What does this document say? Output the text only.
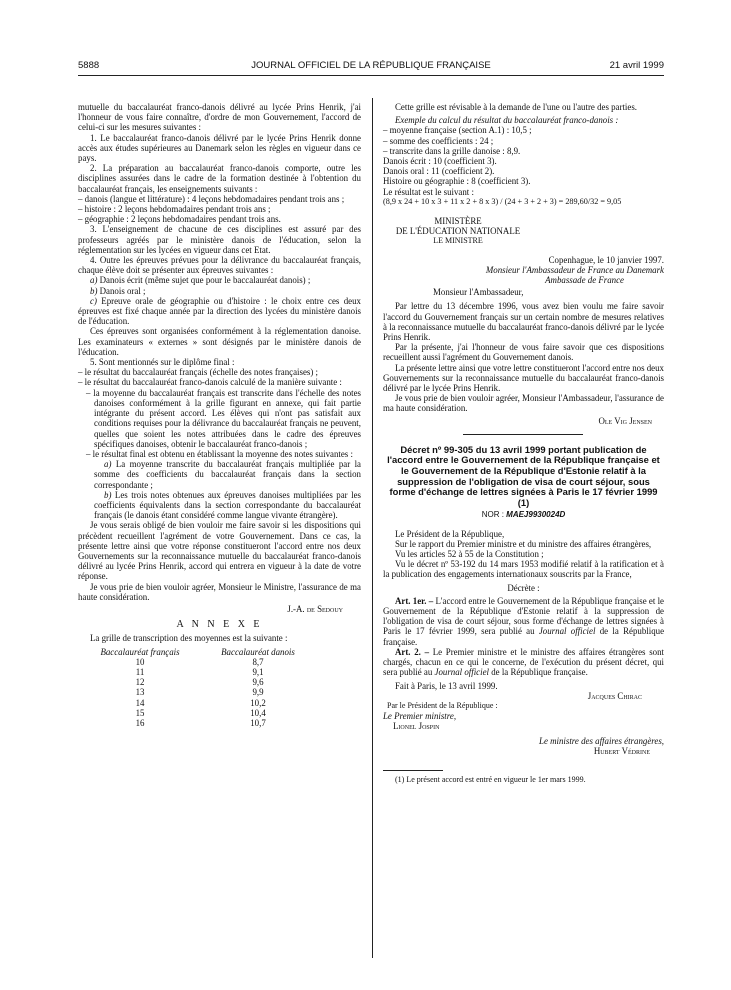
5888	JOURNAL OFFICIEL DE LA RÉPUBLIQUE FRANÇAISE	21 avril 1999

mutuelle du baccalauréat franco-danois délivré au lycée Prins Henrik, j'ai l'honneur de vous faire connaître, d'ordre de mon Gouvernement, l'accord de celui-ci sur les mesures suivantes :

1. Le baccalauréat franco-danois délivré par le lycée Prins Henrik donne accès aux études supérieures au Danemark selon les règles en vigueur dans ce pays.

2. La préparation au baccalauréat franco-danois comporte, outre les disciplines assurées dans le cadre de la formation destinée à l'obtention du baccalauréat français, les enseignements suivants :

– danois (langue et littérature) : 4 leçons hebdomadaires pendant trois ans ;

– histoire : 2 leçons hebdomadaires pendant trois ans ;

– géographie : 2 leçons hebdomadaires pendant trois ans.

3. L'enseignement de chacune de ces disciplines est assuré par des professeurs agréés par le ministère danois de l'éducation, selon la réglementation sur les lycées en vigueur dans cet Etat.

4. Outre les épreuves prévues pour la délivrance du baccalauréat français, chaque élève doit se présenter aux épreuves suivantes :

a) Danois écrit (même sujet que pour le baccalauréat danois) ;

b) Danois oral ;

c) Epreuve orale de géographie ou d'histoire : le choix entre ces deux épreuves est fixé chaque année par la direction des lycées du ministère danois de l'éducation.

Ces épreuves sont organisées conformément à la réglementation danoise. Les examinateurs « externes » sont désignés par le ministère danois de l'éducation.

5. Sont mentionnés sur le diplôme final :

– le résultat du baccalauréat français (échelle des notes françaises) ;

– le résultat du baccalauréat franco-danois calculé de la manière suivante :

– la moyenne du baccalauréat français est transcrite dans l'échelle des notes danoises conformément à la grille figurant en annexe, qui fait partie intégrante du présent accord. Les élèves qui n'ont pas satisfait aux conditions requises pour la délivrance du baccalauréat français ne peuvent, quelles que soient les notes attribuées dans le cadre des épreuves spécifiques danoises, obtenir le baccalauréat franco-danois ;

– le résultat final est obtenu en établissant la moyenne des notes suivantes :

a) La moyenne transcrite du baccalauréat français multipliée par la somme des coefficients du baccalauréat français dans la section correspondante ;

b) Les trois notes obtenues aux épreuves danoises multipliées par les coefficients équivalents dans la section correspondante du baccalauréat français (le danois étant considéré comme langue vivante étrangère).

Je vous serais obligé de bien vouloir me faire savoir si les dispositions qui précèdent recueillent l'agrément de votre Gouvernement. Dans ce cas, la présente lettre ainsi que votre réponse constitueront l'accord entre nos deux Gouvernements sur la reconnaissance mutuelle du baccalauréat franco-danois délivré au lycée Prins Henrik, accord qui entrera en vigueur à la date de votre réponse.

Je vous prie de bien vouloir agréer, Monsieur le Ministre, l'assurance de ma haute considération.

J.-A. de Sedouy

A N N E X E

La grille de transcription des moyennes est la suivante :

Baccalauréat français	Baccalauréat danois
10	8,7
11	9,1
12	9,6
13	9,9
14	10,2
15	10,4
16	10,7

Cette grille est révisable à la demande de l'une ou l'autre des parties.

Exemple du calcul du résultat du baccalauréat franco-danois :

– moyenne française (section A.1) : 10,5 ;

– somme des coefficients : 24 ;

– transcrite dans la grille danoise : 8,9.

Danois écrit : 10 (coefficient 3).

Danois oral : 11 (coefficient 2).

Histoire ou géographie : 8 (coefficient 3).

Le résultat est le suivant :

(8,9 x 24 + 10 x 3 + 11 x 2 + 8 x 3) / (24 + 3 + 2 + 3) = 289,60/32 = 9,05

MINISTÈRE

DE L'ÉDUCATION NATIONALE

LE MINISTRE

Copenhague, le 10 janvier 1997.

Monsieur l'Ambassadeur de France au Danemark

Ambassade de France

Monsieur l'Ambassadeur,

Par lettre du 13 décembre 1996, vous avez bien voulu me faire savoir l'accord du Gouvernement français sur un certain nombre de mesures relatives à la reconnaissance mutuelle du baccalauréat franco-danois délivré par le lycée Prins Henrik.

Par la présente, j'ai l'honneur de vous faire savoir que ces dispositions recueillent aussi l'agrément du Gouvernement danois.

La présente lettre ainsi que votre lettre constitueront l'accord entre nos deux Gouvernements sur la reconnaissance mutuelle du baccalauréat franco-danois délivré par le lycée Prins Henrik.

Je vous prie de bien vouloir agréer, Monsieur l'Ambassadeur, l'assurance de ma haute considération.

Ole Vig Jensen

Décret nº 99-305 du 13 avril 1999 portant publication de l'accord entre le Gouvernement de la République française et le Gouvernement de la République d'Estonie relatif à la suppression de l'obligation de visa de court séjour, sous forme d'échange de lettres signées à Paris le 17 février 1999 (1)

NOR : MAEJ9930024D

Le Président de la République,

Sur le rapport du Premier ministre et du ministre des affaires étrangères,

Vu les articles 52 à 55 de la Constitution ;

Vu le décret nº 53-192 du 14 mars 1953 modifié relatif à la ratification et à la publication des engagements internationaux souscrits par la France,

Décrète :

Art. 1er. – L'accord entre le Gouvernement de la République française et le Gouvernement de la République d'Estonie relatif à la suppression de l'obligation de visa de court séjour, sous forme d'échange de lettres signées à Paris le 17 février 1999, sera publié au Journal officiel de la République française.

Art. 2. – Le Premier ministre et le ministre des affaires étrangères sont chargés, chacun en ce qui le concerne, de l'exécution du présent décret, qui sera publié au Journal officiel de la République française.

Fait à Paris, le 13 avril 1999.

Jacques Chirac

Par le Président de la République :

Le Premier ministre,

Lionel Jospin

Le ministre des affaires étrangères,

Hubert Védrine

(1) Le présent accord est entré en vigueur le 1er mars 1999.
